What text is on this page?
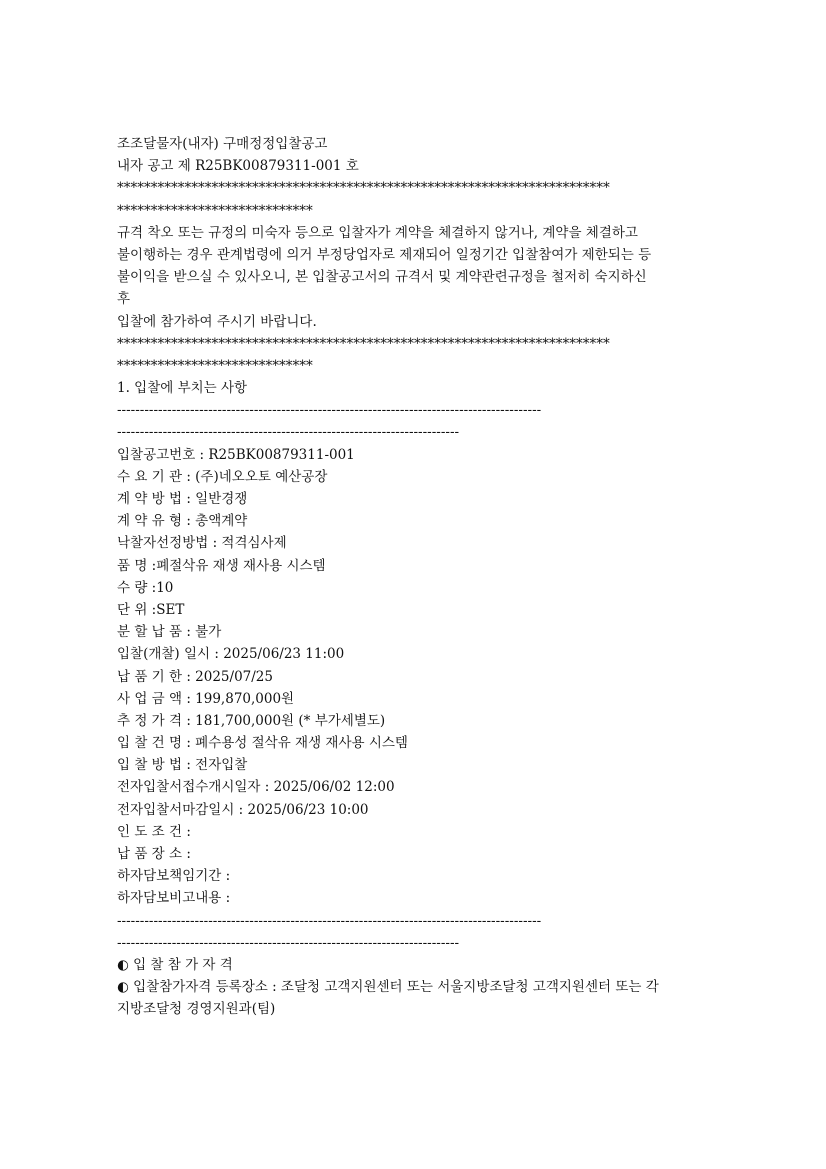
조조달물자(내자) 구매정정입찰공고
내자 공고 제 R25BK00879311-001 호
*************************************************************************
*****************************
규격 착오 또는 규정의 미숙자 등으로 입찰자가 계약을 체결하지 않거나, 계약을 체결하고
불이행하는 경우 관계법령에 의거 부정당업자로 제재되어 일정기간 입찰참여가 제한되는 등
불이익을 받으실 수 있사오니, 본 입찰공고서의 규격서 및 계약관련규정을 철저히 숙지하신
후
입찰에 참가하여 주시기 바랍니다.
*************************************************************************
*****************************
1. 입찰에 부치는 사항
---------------------------------------------------------------------------------------------
---------------------------------------------------------------------------
입찰공고번호 : R25BK00879311-001
수 요 기 관 : (주)네오오토 예산공장
계 약 방 법 : 일반경쟁
계 약 유 형 : 총액계약
낙찰자선정방법 : 적격심사제
품 명 :폐절삭유 재생 재사용 시스템
수 량 :10
단 위 :SET
분 할 납 품 : 불가
입찰(개찰) 일시 : 2025/06/23 11:00
납 품 기 한 : 2025/07/25
사 업 금 액 : 199,870,000원
추 정 가 격 : 181,700,000원 (* 부가세별도)
입 찰 건 명 : 폐수용성 절삭유 재생 재사용 시스템
입 찰 방 법 : 전자입찰
전자입찰서접수개시일자 : 2025/06/02 12:00
전자입찰서마감일시 : 2025/06/23 10:00
인 도 조 건 :
납 품 장 소 :
하자담보책임기간 :
하자담보비고내용 :
---------------------------------------------------------------------------------------------
---------------------------------------------------------------------------
◐ 입 찰 참 가 자 격
◐ 입찰참가자격 등록장소 : 조달청 고객지원센터 또는 서울지방조달청 고객지원센터 또는 각
지방조달청 경영지원과(팀)
